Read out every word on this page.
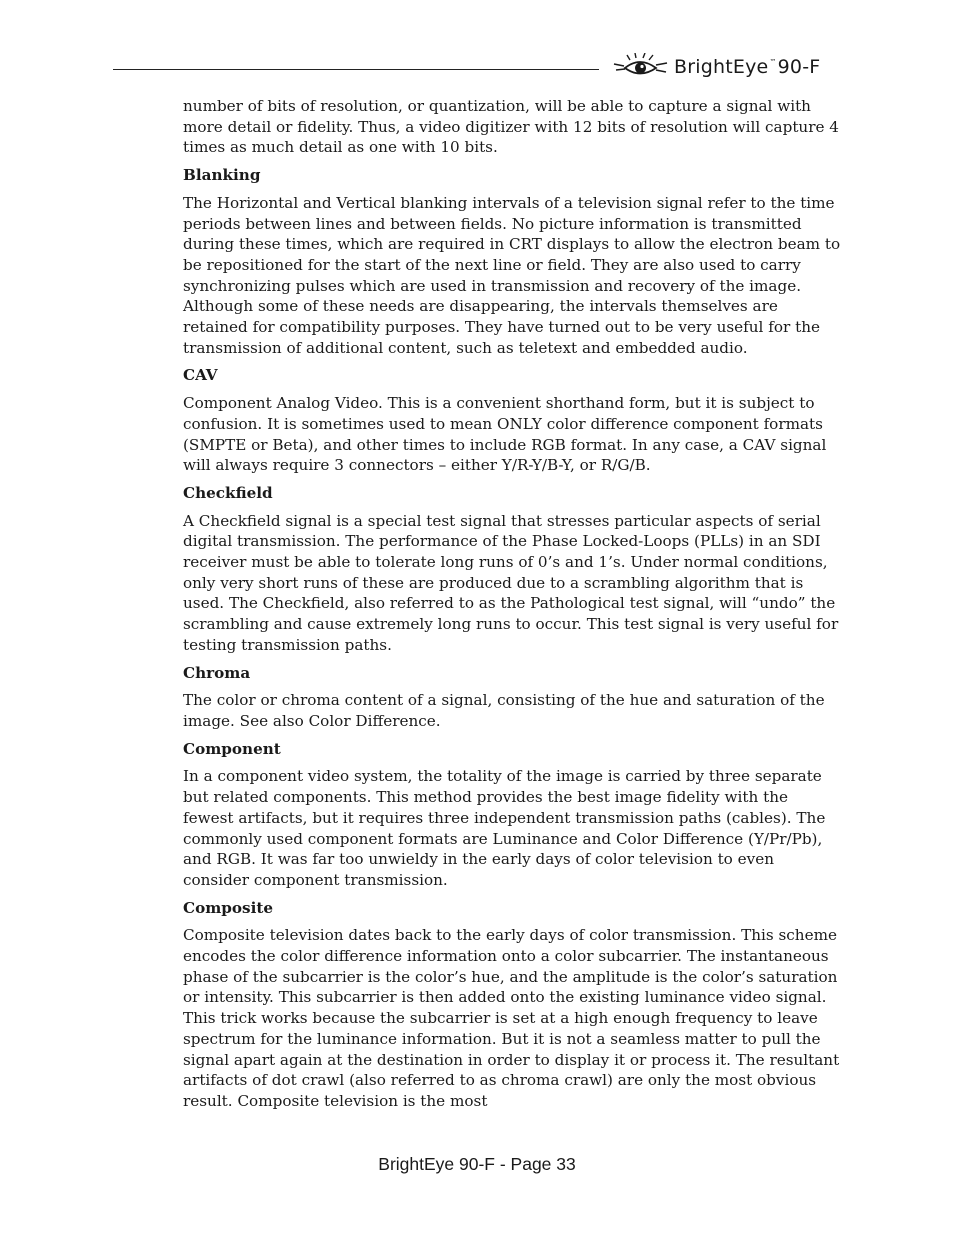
BrightEye™90-F

number of bits of resolution, or quantization, will be able to capture a signal with more detail or fidelity. Thus, a video digitizer with 12 bits of resolution will capture 4 times as much detail as one with 10 bits.

Blanking

The Horizontal and Vertical blanking intervals of a television signal refer to the time periods between lines and between fields. No picture information is transmitted during these times, which are required in CRT displays to allow the electron beam to be repositioned for the start of the next line or field. They are also used to carry synchronizing pulses which are used in transmission and recovery of the image. Although some of these needs are disappearing, the intervals themselves are retained for compatibility purposes. They have turned out to be very useful for the transmission of additional content, such as teletext and embedded audio.

CAV

Component Analog Video. This is a convenient shorthand form, but it is subject to confusion. It is sometimes used to mean ONLY color difference component formats (SMPTE or Beta), and other times to include RGB format. In any case, a CAV signal will always require 3 connectors – either Y/R-Y/B-Y, or R/G/B.

Checkfield

A Checkfield signal is a special test signal that stresses particular aspects of serial digital transmission. The performance of the Phase Locked-Loops (PLLs) in an SDI receiver must be able to tolerate long runs of 0’s and 1’s. Under normal conditions, only very short runs of these are produced due to a scrambling algorithm that is used. The Checkfield, also referred to as the Pathological test signal, will “undo” the scrambling and cause extremely long runs to occur. This test signal is very useful for testing transmission paths.

Chroma

The color or chroma content of a signal, consisting of the hue and saturation of the image. See also Color Difference.

Component

In a component video system, the totality of the image is carried by three separate but related components. This method provides the best image fidelity with the fewest artifacts, but it requires three independent transmission paths (cables). The commonly used component formats are Luminance and Color Difference (Y/Pr/Pb), and RGB. It was far too unwieldy in the early days of color television to even consider component transmission.

Composite

Composite television dates back to the early days of color transmission. This scheme encodes the color difference information onto a color subcarrier. The instantaneous phase of the subcarrier is the color’s hue, and the amplitude is the color’s saturation or intensity. This subcarrier is then added onto the existing luminance video signal. This trick works because the subcarrier is set at a high enough frequency to leave spectrum for the luminance information. But it is not a seamless matter to pull the signal apart again at the destination in order to display it or process it. The resultant artifacts of dot crawl (also referred to as chroma crawl) are only the most obvious result. Composite television is the most

BrightEye 90-F - Page 33
